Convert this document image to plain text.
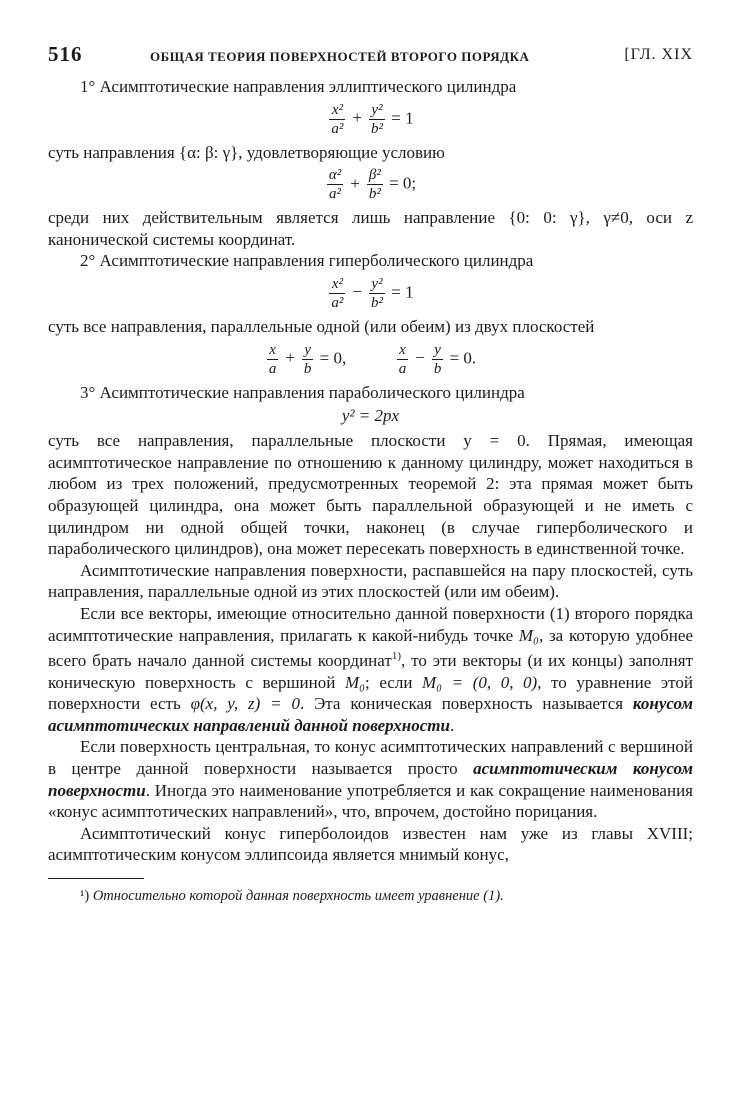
516	ОБЩАЯ ТЕОРИЯ ПОВЕРХНОСТЕЙ ВТОРОГО ПОРЯДКА	[ГЛ. XIX

1° Асимптотические направления эллиптического цилиндра

$\frac{\text{x²}}{\text{a²}} + \frac{\text{y²}}{\text{b²}} = 1$

суть направления {α: β: γ}, удовлетворяющие условию

$\frac{\text{α²}}{\text{a²}} + \frac{\text{β²}}{\text{b²}} = 0$;

среди них действительным является лишь направление {0: 0: γ}, γ≠0, оси z канонической системы координат.

2° Асимптотические направления гиперболического цилиндра

$\frac{\text{x²}}{\text{a²}} - \frac{\text{y²}}{\text{b²}} = 1$

суть все направления, параллельные одной (или обеим) из двух плоскостей

$\frac{x}{a} + \frac{y}{b} = 0$,	$\frac{x}{a} - \frac{y}{b} = 0$.

3° Асимптотические направления параболического цилиндра

y² = 2px

суть все направления, параллельные плоскости y = 0. Прямая, имеющая асимптотическое направление по отношению к данному цилиндру, может находиться в любом из трех положений, предусмотренных теоремой 2: эта прямая может быть образующей цилиндра, она может быть параллельной образующей и не иметь с цилиндром ни одной общей точки, наконец (в случае гиперболического и параболического цилиндров), она может пересекать поверхность в единственной точке.

Асимптотические направления поверхности, распавшейся на пару плоскостей, суть направления, параллельные одной из этих плоскостей (или им обеим).

Если все векторы, имеющие относительно данной поверхности (1) второго порядка асимптотические направления, прилагать к какой-нибудь точке M₀, за которую удобнее всего брать начало данной системы координат$^{1)}$, то эти векторы (и их концы) заполнят коническую поверхность с вершиной M₀; если M₀ = (0, 0, 0), то уравнение этой поверхности есть φ(x, y, z) = 0. Эта коническая поверхность называется конусом асимптотических направлений данной поверхности.

Если поверхность центральная, то конус асимптотических направлений с вершиной в центре данной поверхности называется просто асимптотическим конусом поверхности. Иногда это наименование употребляется и как сокращение наименования «конус асимптотических направлений», что, впрочем, достойно порицания.

Асимптотический конус гиперболоидов известен нам уже из главы XVIII; асимптотическим конусом эллипсоида является мнимый конус,

¹) Относительно которой данная поверхность имеет уравнение (1).
